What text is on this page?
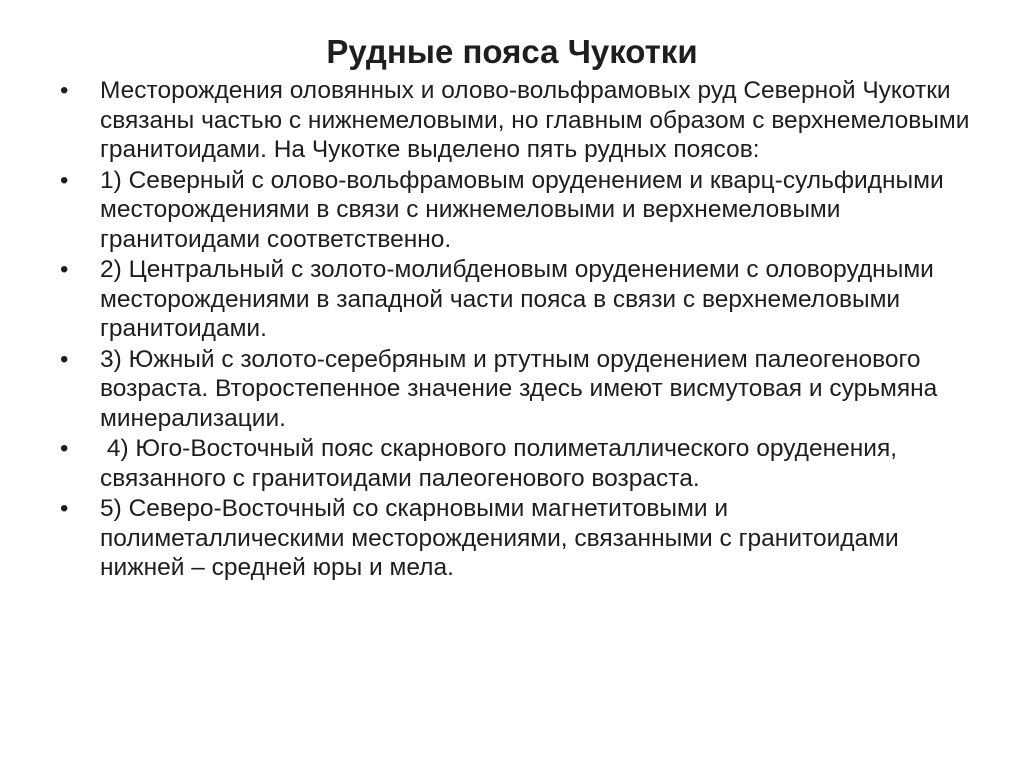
Рудные пояса Чукотки
•	Месторождения оловянных и олово-вольфрамовых руд Северной Чукотки связаны частью с нижнемеловыми, но главным образом с верхнемеловыми гранитоидами. На Чукотке выделено пять рудных поясов:
•	1) Северный с олово-вольфрамовым оруденением и кварц-сульфидными месторождениями в связи с нижнемеловыми и верхнемеловыми гранитоидами соответственно.
•	2) Центральный с золото-молибденовым оруденениеми с оловорудными месторождениями в западной части пояса в связи с верхнемеловыми гранитоидами.
•	3) Южный с золото-серебряным и ртутным оруденением палеогенового возраста. Второстепенное значение здесь имеют висмутовая и сурьмяна минерализации.
•	4) Юго-Восточный пояс скарнового полиметаллического оруденения, связанного с гранитоидами палеогенового возраста.
•	5) Северо-Восточный со скарновыми магнетитовыми и полиметаллическими месторождениями, связанными с гранитоидами нижней – средней юры и мела.
